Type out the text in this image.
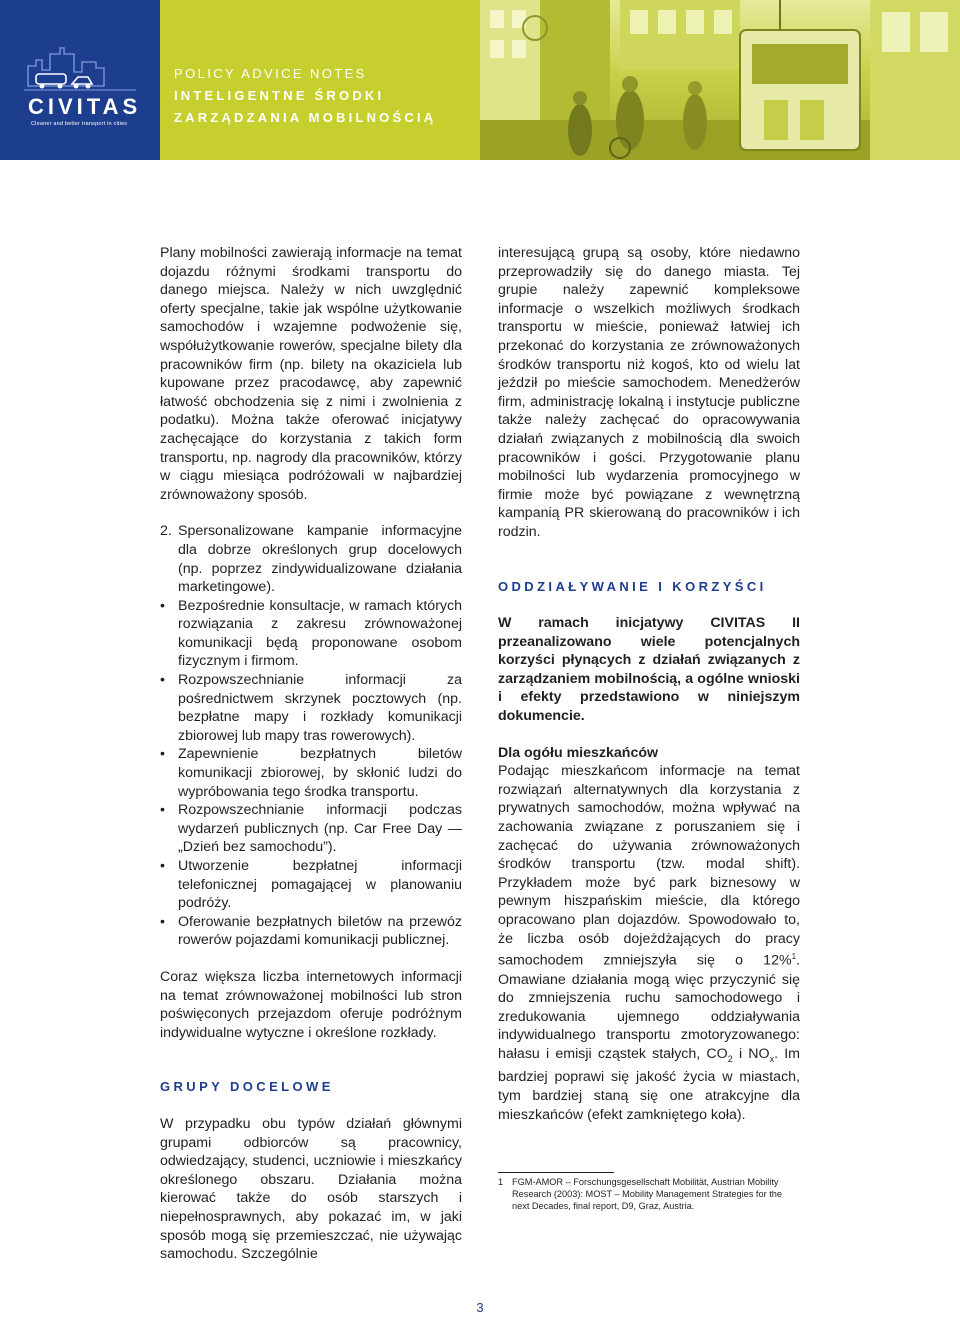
CIVITAS
Cleaner and better transport in cities
POLICY ADVICE NOTES
INTELIGENTNE ŚRODKI
ZARZĄDZANIA MOBILNOŚCIĄ

Plany mobilności zawierają informacje na temat dojazdu różnymi środkami transportu do danego miejsca. Należy w nich uwzględnić oferty specjalne, takie jak wspólne użytkowanie samochodów i wzajemne podwożenie się, współużytkowanie rowerów, specjalne bilety dla pracowników firm (np. bilety na okaziciela lub kupowane przez pracodawcę, aby zapewnić łatwość obchodzenia się z nimi i zwolnienia z podatku). Można także oferować inicjatywy zachęcające do korzystania z takich form transportu, np. nagrody dla pracowników, którzy w ciągu miesiąca podróżowali w najbardziej zrównoważony sposób.

2. Spersonalizowane kampanie informacyjne dla dobrze określonych grup docelowych (np. poprzez zindywidualizowane działania marketingowe).
• Bezpośrednie konsultacje, w ramach których rozwiązania z zakresu zrównoważonej komunikacji będą proponowane osobom fizycznym i firmom.
• Rozpowszechnianie informacji za pośrednictwem skrzynek pocztowych (np. bezpłatne mapy i rozkłady komunikacji zbiorowej lub mapy tras rowerowych).
• Zapewnienie bezpłatnych biletów komunikacji zbiorowej, by skłonić ludzi do wypróbowania tego środka transportu.
• Rozpowszechnianie informacji podczas wydarzeń publicznych (np. Car Free Day — „Dzień bez samochodu”).
• Utworzenie bezpłatnej informacji telefonicznej pomagającej w planowaniu podróży.
• Oferowanie bezpłatnych biletów na przewóz rowerów pojazdami komunikacji publicznej.

Coraz większa liczba internetowych informacji na temat zrównoważonej mobilności lub stron poświęconych przejazdom oferuje podróżnym indywidualne wytyczne i określone rozkłady.

GRUPY DOCELOWE

W przypadku obu typów działań głównymi grupami odbiorców są pracownicy, odwiedzający, studenci, uczniowie i mieszkańcy określonego obszaru. Działania można kierować także do osób starszych i niepełnosprawnych, aby pokazać im, w jaki sposób mogą się przemieszczać, nie używając samochodu. Szczególnie

interesującą grupą są osoby, które niedawno przeprowadziły się do danego miasta. Tej grupie należy zapewnić kompleksowe informacje o wszelkich możliwych środkach transportu w mieście, ponieważ łatwiej ich przekonać do korzystania ze zrównoważonych środków transportu niż kogoś, kto od wielu lat jeździł po mieście samochodem. Menedżerów firm, administrację lokalną i instytucje publiczne także należy zachęcać do opracowywania działań związanych z mobilnością dla swoich pracowników i gości. Przygotowanie planu mobilności lub wydarzenia promocyjnego w firmie może być powiązane z wewnętrzną kampanią PR skierowaną do pracowników i ich rodzin.

ODDZIAŁYWANIE I KORZYŚCI

W ramach inicjatywy CIVITAS II przeanalizowano wiele potencjalnych korzyści płynących z działań związanych z zarządzaniem mobilnością, a ogólne wnioski i efekty przedstawiono w niniejszym dokumencie.

Dla ogółu mieszkańców

Podając mieszkańcom informacje na temat rozwiązań alternatywnych dla korzystania z prywatnych samochodów, można wpływać na zachowania związane z poruszaniem się i zachęcać do używania zrównoważonych środków transportu (tzw. modal shift). Przykładem może być park biznesowy w pewnym hiszpańskim mieście, dla którego opracowano plan dojazdów. Spowodowało to, że liczba osób dojeżdżających do pracy samochodem zmniejszyła się o 12%$^1$. Omawiane działania mogą więc przyczynić się do zmniejszenia ruchu samochodowego i zredukowania ujemnego oddziaływania indywidualnego transportu zmotoryzowanego: hałasu i emisji cząstek stałych, $CO_2$ i $NO_x$. Im bardziej poprawi się jakość życia w miastach, tym bardziej staną się one atrakcyjne dla mieszkańców (efekt zamkniętego koła).

1 FGM-AMOR – Forschungsgesellschaft Mobilität, Austrian Mobility Research (2003): MOST – Mobility Management Strategies for the next Decades, final report, D9, Graz, Austria.
3
